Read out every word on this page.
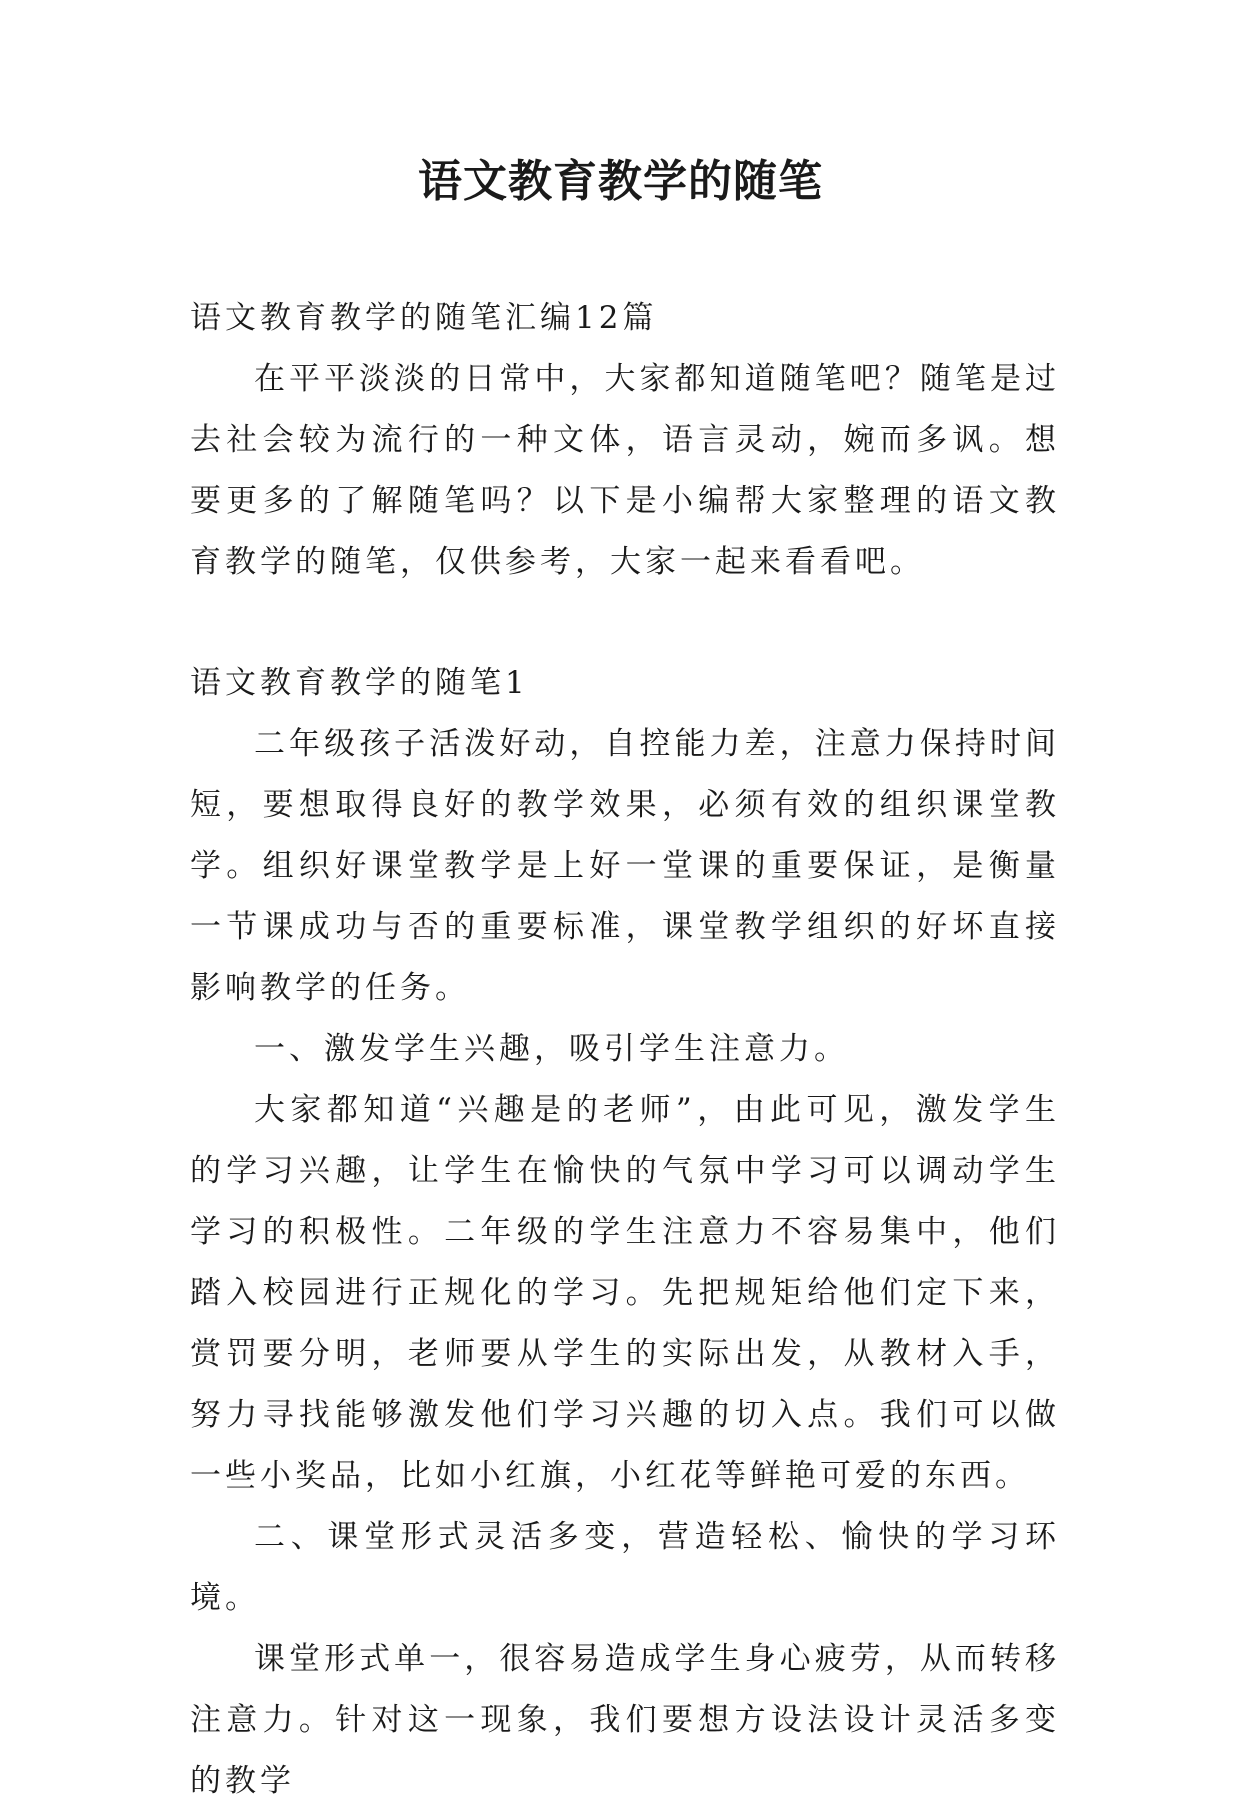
语文教育教学的随笔

语文教育教学的随笔汇编12篇

在平平淡淡的日常中，大家都知道随笔吧？随笔是过去社会较为流行的一种文体，语言灵动，婉而多讽。想要更多的了解随笔吗？以下是小编帮大家整理的语文教育教学的随笔，仅供参考，大家一起来看看吧。

语文教育教学的随笔1

二年级孩子活泼好动，自控能力差，注意力保持时间短，要想取得良好的教学效果，必须有效的组织课堂教学。组织好课堂教学是上好一堂课的重要保证，是衡量一节课成功与否的重要标准，课堂教学组织的好坏直接影响教学的任务。

一、激发学生兴趣，吸引学生注意力。

大家都知道“兴趣是的老师”，由此可见，激发学生的学习兴趣，让学生在愉快的气氛中学习可以调动学生学习的积极性。二年级的学生注意力不容易集中，他们踏入校园进行正规化的学习。先把规矩给他们定下来，赏罚要分明，老师要从学生的实际出发，从教材入手，努力寻找能够激发他们学习兴趣的切入点。我们可以做一些小奖品，比如小红旗，小红花等鲜艳可爱的东西。

二、课堂形式灵活多变，营造轻松、愉快的学习环境。

课堂形式单一，很容易造成学生身心疲劳，从而转移注意力。针对这一现象，我们要想方设法设计灵活多变的教学
